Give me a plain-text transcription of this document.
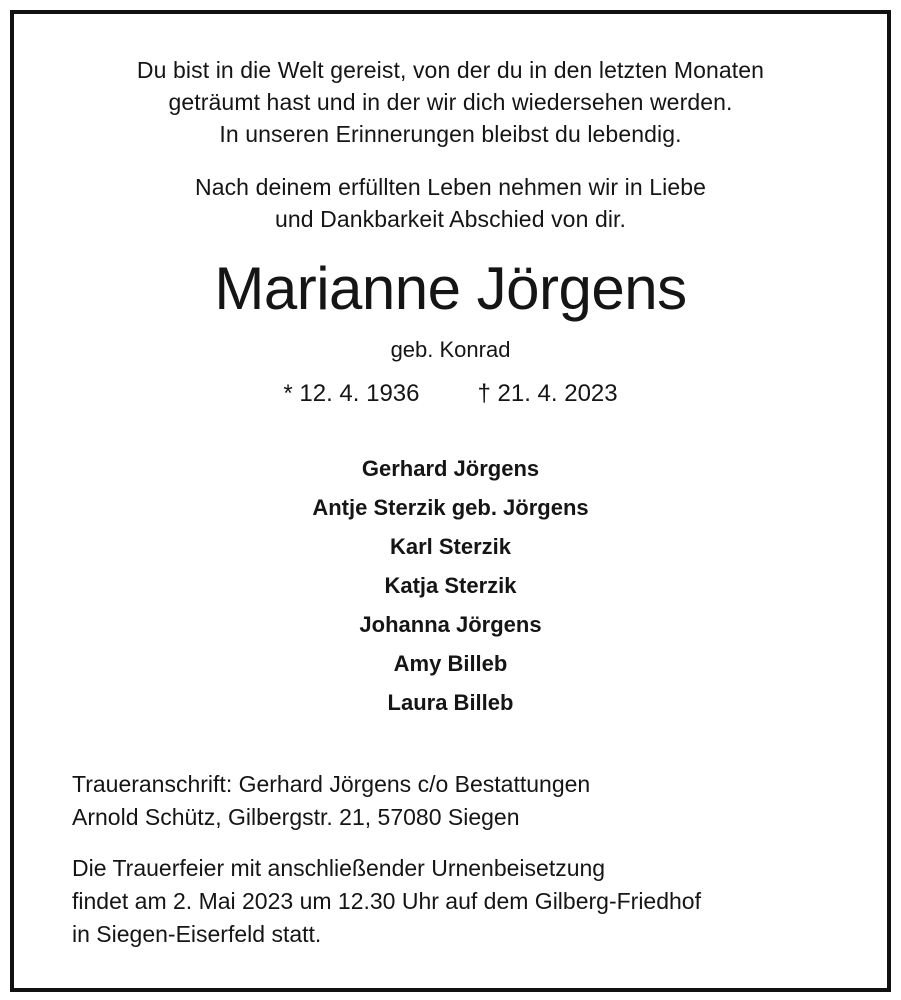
Du bist in die Welt gereist, von der du in den letzten Monaten
geträumt hast und in der wir dich wiedersehen werden.
In unseren Erinnerungen bleibst du lebendig.
Nach deinem erfüllten Leben nehmen wir in Liebe
und Dankbarkeit Abschied von dir.
Marianne Jörgens
geb. Konrad
* 12. 4. 1936 † 21. 4. 2023
Gerhard Jörgens
Antje Sterzik geb. Jörgens
Karl Sterzik
Katja Sterzik
Johanna Jörgens
Amy Billeb
Laura Billeb
Traueranschrift: Gerhard Jörgens c/o Bestattungen
Arnold Schütz, Gilbergstr. 21, 57080 Siegen
Die Trauerfeier mit anschließender Urnenbeisetzung
findet am 2. Mai 2023 um 12.30 Uhr auf dem Gilberg-Friedhof
in Siegen-Eiserfeld statt.
